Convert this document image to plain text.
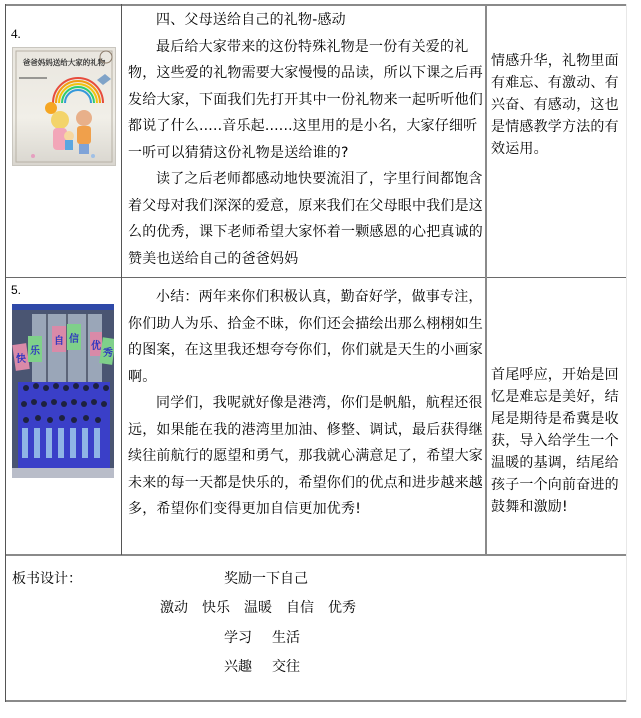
4.
爸爸妈妈送给大家的礼物

四、父母送给自己的礼物-感动

最后给大家带来的这份特殊礼物是一份有关爱的礼物，这些爱的礼物需要大家慢慢的品读，所以下课之后再发给大家，下面我们先打开其中一份礼物来一起听听他们都说了什么.....音乐起......这里用的是小名，大家仔细听一听可以猜猜这份礼物是送给谁的?

读了之后老师都感动地快要流泪了，字里行间都饱含着父母对我们深深的爱意，原来我们在父母眼中我们是这么的优秀，课下老师希望大家怀着一颗感恩的心把真诚的赞美也送给自己的爸爸妈妈

情感升华，礼物里面有难忘、有激动、有兴奋、有感动，这也是情感教学方法的有效运用。
5.
快
乐
自 信
优
秀

小结：两年来你们积极认真，勤奋好学，做事专注，你们助人为乐、拾金不昧，你们还会描绘出那么栩栩如生的图案，在这里我还想夸夸你们，你们就是天生的小画家啊。

同学们，我呢就好像是港湾，你们是帆船，航程还很远，如果能在我的港湾里加油、修整、调试，最后获得继续往前航行的愿望和勇气，那我就心满意足了，希望大家未来的每一天都是快乐的，希望你们的优点和进步越来越多，希望你们变得更加自信更加优秀!

首尾呼应，开始是回忆是难忘是美好，结尾是期待是希冀是收获，导入给学生一个温暖的基调，结尾给孩子一个向前奋进的鼓舞和激励!
板书设计：	奖励一下自己
激动 快乐 温暖 自信 优秀
学习 生活
兴趣 交往
